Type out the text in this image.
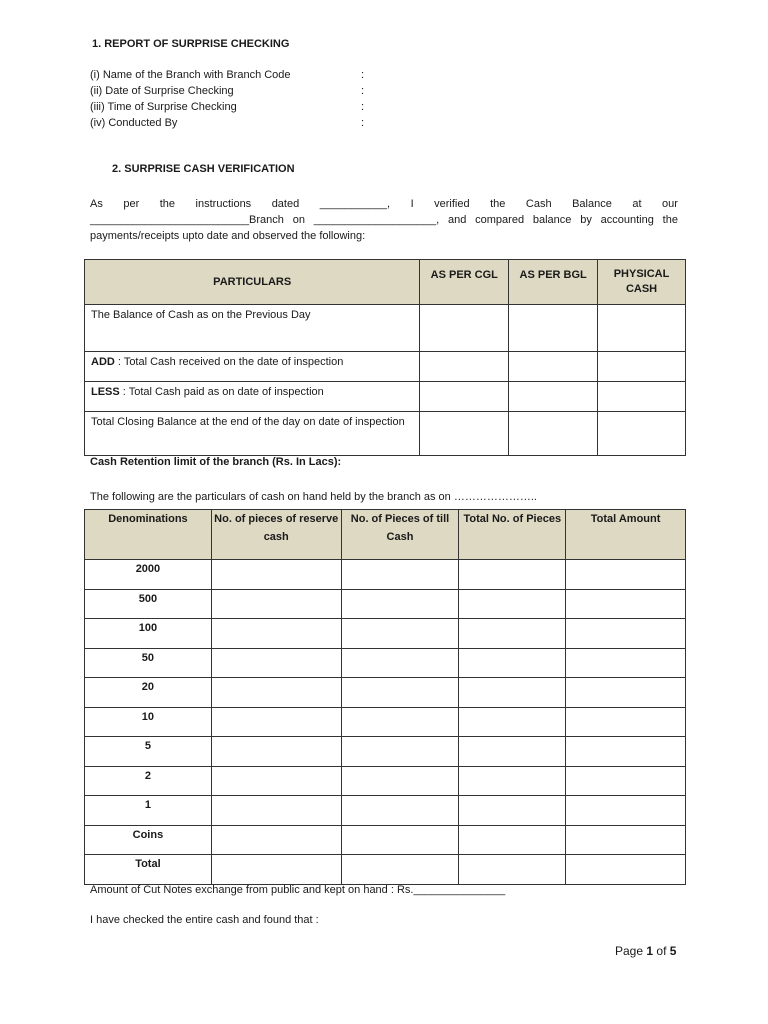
1. REPORT OF SURPRISE CHECKING
(i) Name of the Branch with Branch Code	:
(ii) Date of Surprise Checking	:
(iii) Time of Surprise Checking	:
(iv) Conducted By	:
2. SURPRISE CASH VERIFICATION
As per the instructions dated ___________, I verified the Cash Balance at our
__________________________Branch on ____________________, and compared balance by accounting the
payments/receipts upto date and observed the following:
PARTICULARS	AS PER CGL	AS PER BGL	PHYSICAL CASH
The Balance of Cash as on the Previous Day			
ADD : Total Cash received on the date of inspection			
LESS : Total Cash paid as on date of inspection			
Total Closing Balance at the end of the day on date of inspection			
Cash Retention limit of the branch (Rs. In Lacs):
The following are the particulars of cash on hand held by the branch as on …………………..
Denominations	No. of pieces of reserve cash	No. of Pieces of till Cash	Total No. of Pieces	Total Amount
2000				
500				
100				
50				
20				
10				
5				
2				
1				
Coins				
Total				
Amount of Cut Notes exchange from public and kept on hand : Rs._______________
I have checked the entire cash and found that :
Page 1 of 5
